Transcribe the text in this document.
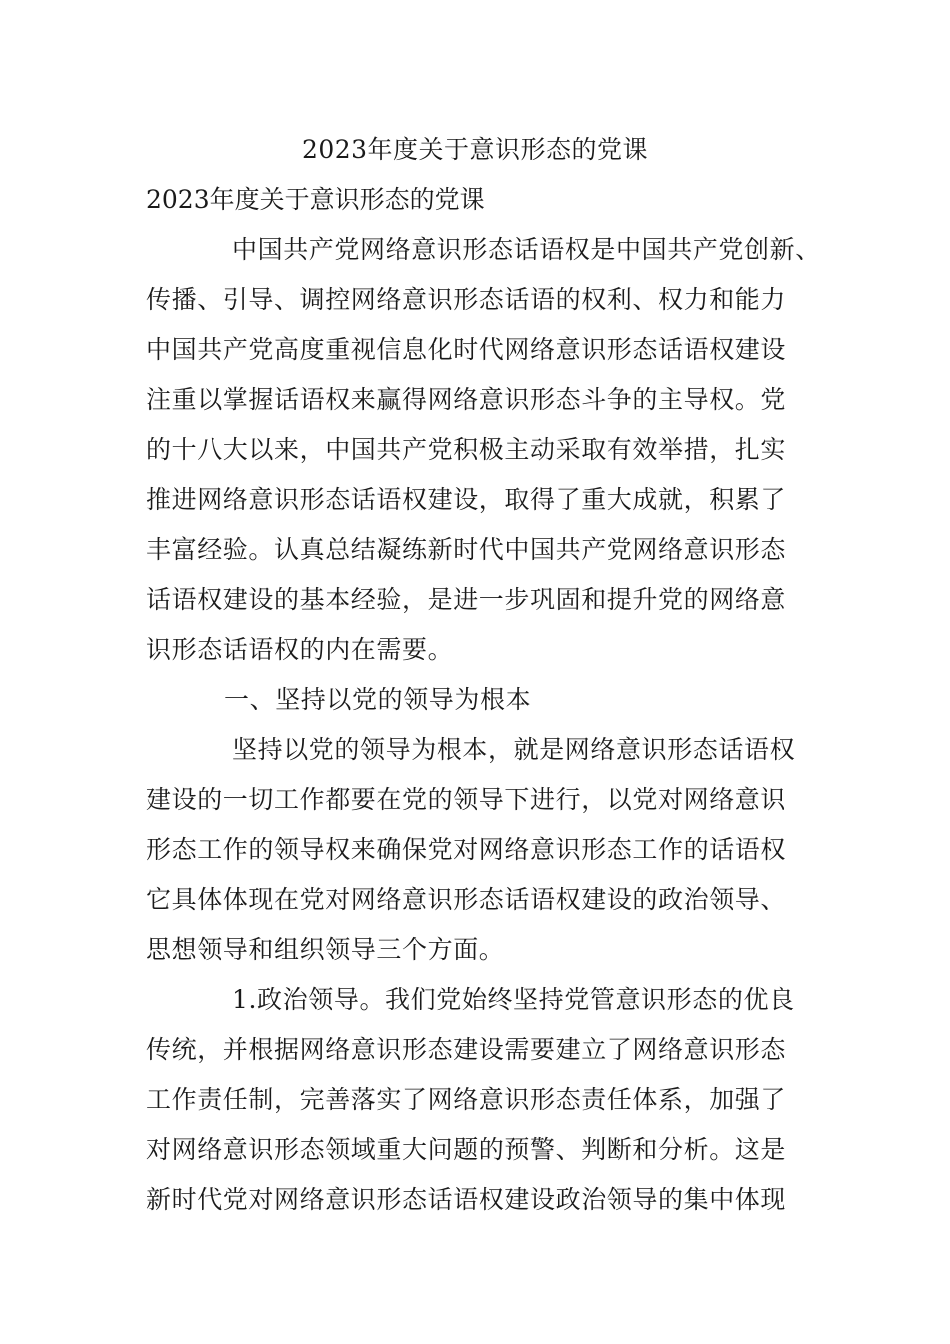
2023年度关于意识形态的党课
2023年度关于意识形态的党课
中国共产党网络意识形态话语权是中国共产党创新、
传播、引导、调控网络意识形态话语的权利、权力和能力
中国共产党高度重视信息化时代网络意识形态话语权建设
注重以掌握话语权来赢得网络意识形态斗争的主导权。党
的十八大以来，中国共产党积极主动采取有效举措，扎实
推进网络意识形态话语权建设，取得了重大成就，积累了
丰富经验。认真总结凝练新时代中国共产党网络意识形态
话语权建设的基本经验，是进一步巩固和提升党的网络意
识形态话语权的内在需要。
一、坚持以党的领导为根本
坚持以党的领导为根本，就是网络意识形态话语权
建设的一切工作都要在党的领导下进行，以党对网络意识
形态工作的领导权来确保党对网络意识形态工作的话语权
它具体体现在党对网络意识形态话语权建设的政治领导、
思想领导和组织领导三个方面。
1.政治领导。我们党始终坚持党管意识形态的优良
传统，并根据网络意识形态建设需要建立了网络意识形态
工作责任制，完善落实了网络意识形态责任体系，加强了
对网络意识形态领域重大问题的预警、判断和分析。这是
新时代党对网络意识形态话语权建设政治领导的集中体现
